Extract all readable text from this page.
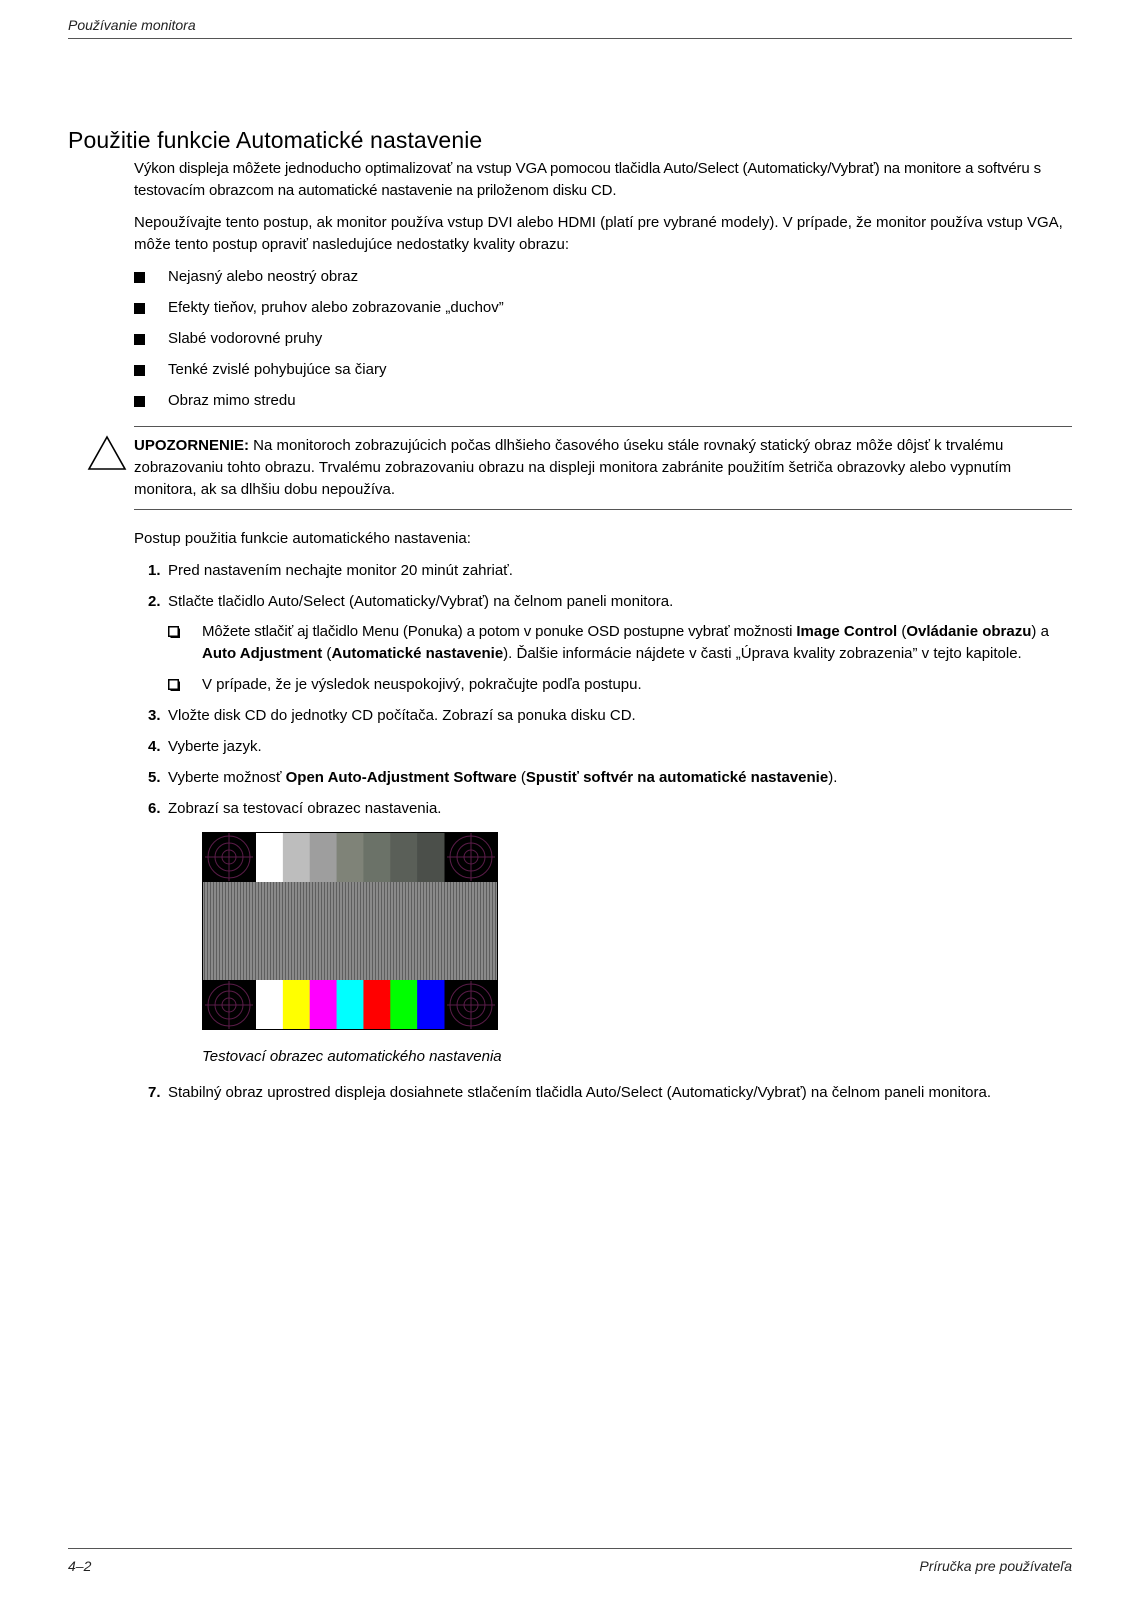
Používanie monitora
Použitie funkcie Automatické nastavenie

Výkon displeja môžete jednoducho optimalizovať na vstup VGA pomocou tlačidla Auto/Select (Automaticky/Vybrať) na monitore a softvéru s testovacím obrazcom na automatické nastavenie na priloženom disku CD.

Nepoužívajte tento postup, ak monitor používa vstup DVI alebo HDMI (platí pre vybrané modely). V prípade, že monitor používa vstup VGA, môže tento postup opraviť nasledujúce nedostatky kvality obrazu:

Nejasný alebo neostrý obraz
Efekty tieňov, pruhov alebo zobrazovanie „duchov”
Slabé vodorovné pruhy
Tenké zvislé pohybujúce sa čiary
Obraz mimo stredu
UPOZORNENIE: Na monitoroch zobrazujúcich počas dlhšieho časového úseku stále rovnaký statický obraz môže dôjsť k trvalému zobrazovaniu tohto obrazu. Trvalému zobrazovaniu obrazu na displeji monitora zabránite použitím šetriča obrazovky alebo vypnutím monitora, ak sa dlhšiu dobu nepoužíva.

Postup použitia funkcie automatického nastavenia:

1. Pred nastavením nechajte monitor 20 minút zahriať.
2. Stlačte tlačidlo Auto/Select (Automaticky/Vybrať) na čelnom paneli monitora.
Môžete stlačiť aj tlačidlo Menu (Ponuka) a potom v ponuke OSD postupne vybrať možnosti Image Control (Ovládanie obrazu) a Auto Adjustment (Automatické nastavenie). Ďalšie informácie nájdete v časti „Úprava kvality zobrazenia” v tejto kapitole.
V prípade, že je výsledok neuspokojivý, pokračujte podľa postupu.
3. Vložte disk CD do jednotky CD počítača. Zobrazí sa ponuka disku CD.
4. Vyberte jazyk.
5. Vyberte možnosť Open Auto-Adjustment Software (Spustiť softvér na automatické nastavenie).
6. Zobrazí sa testovací obrazec nastavenia.
Testovací obrazec automatického nastavenia
7. Stabilný obraz uprostred displeja dosiahnete stlačením tlačidla Auto/Select (Automaticky/Vybrať) na čelnom paneli monitora.
4–2	Príručka pre používateľa
